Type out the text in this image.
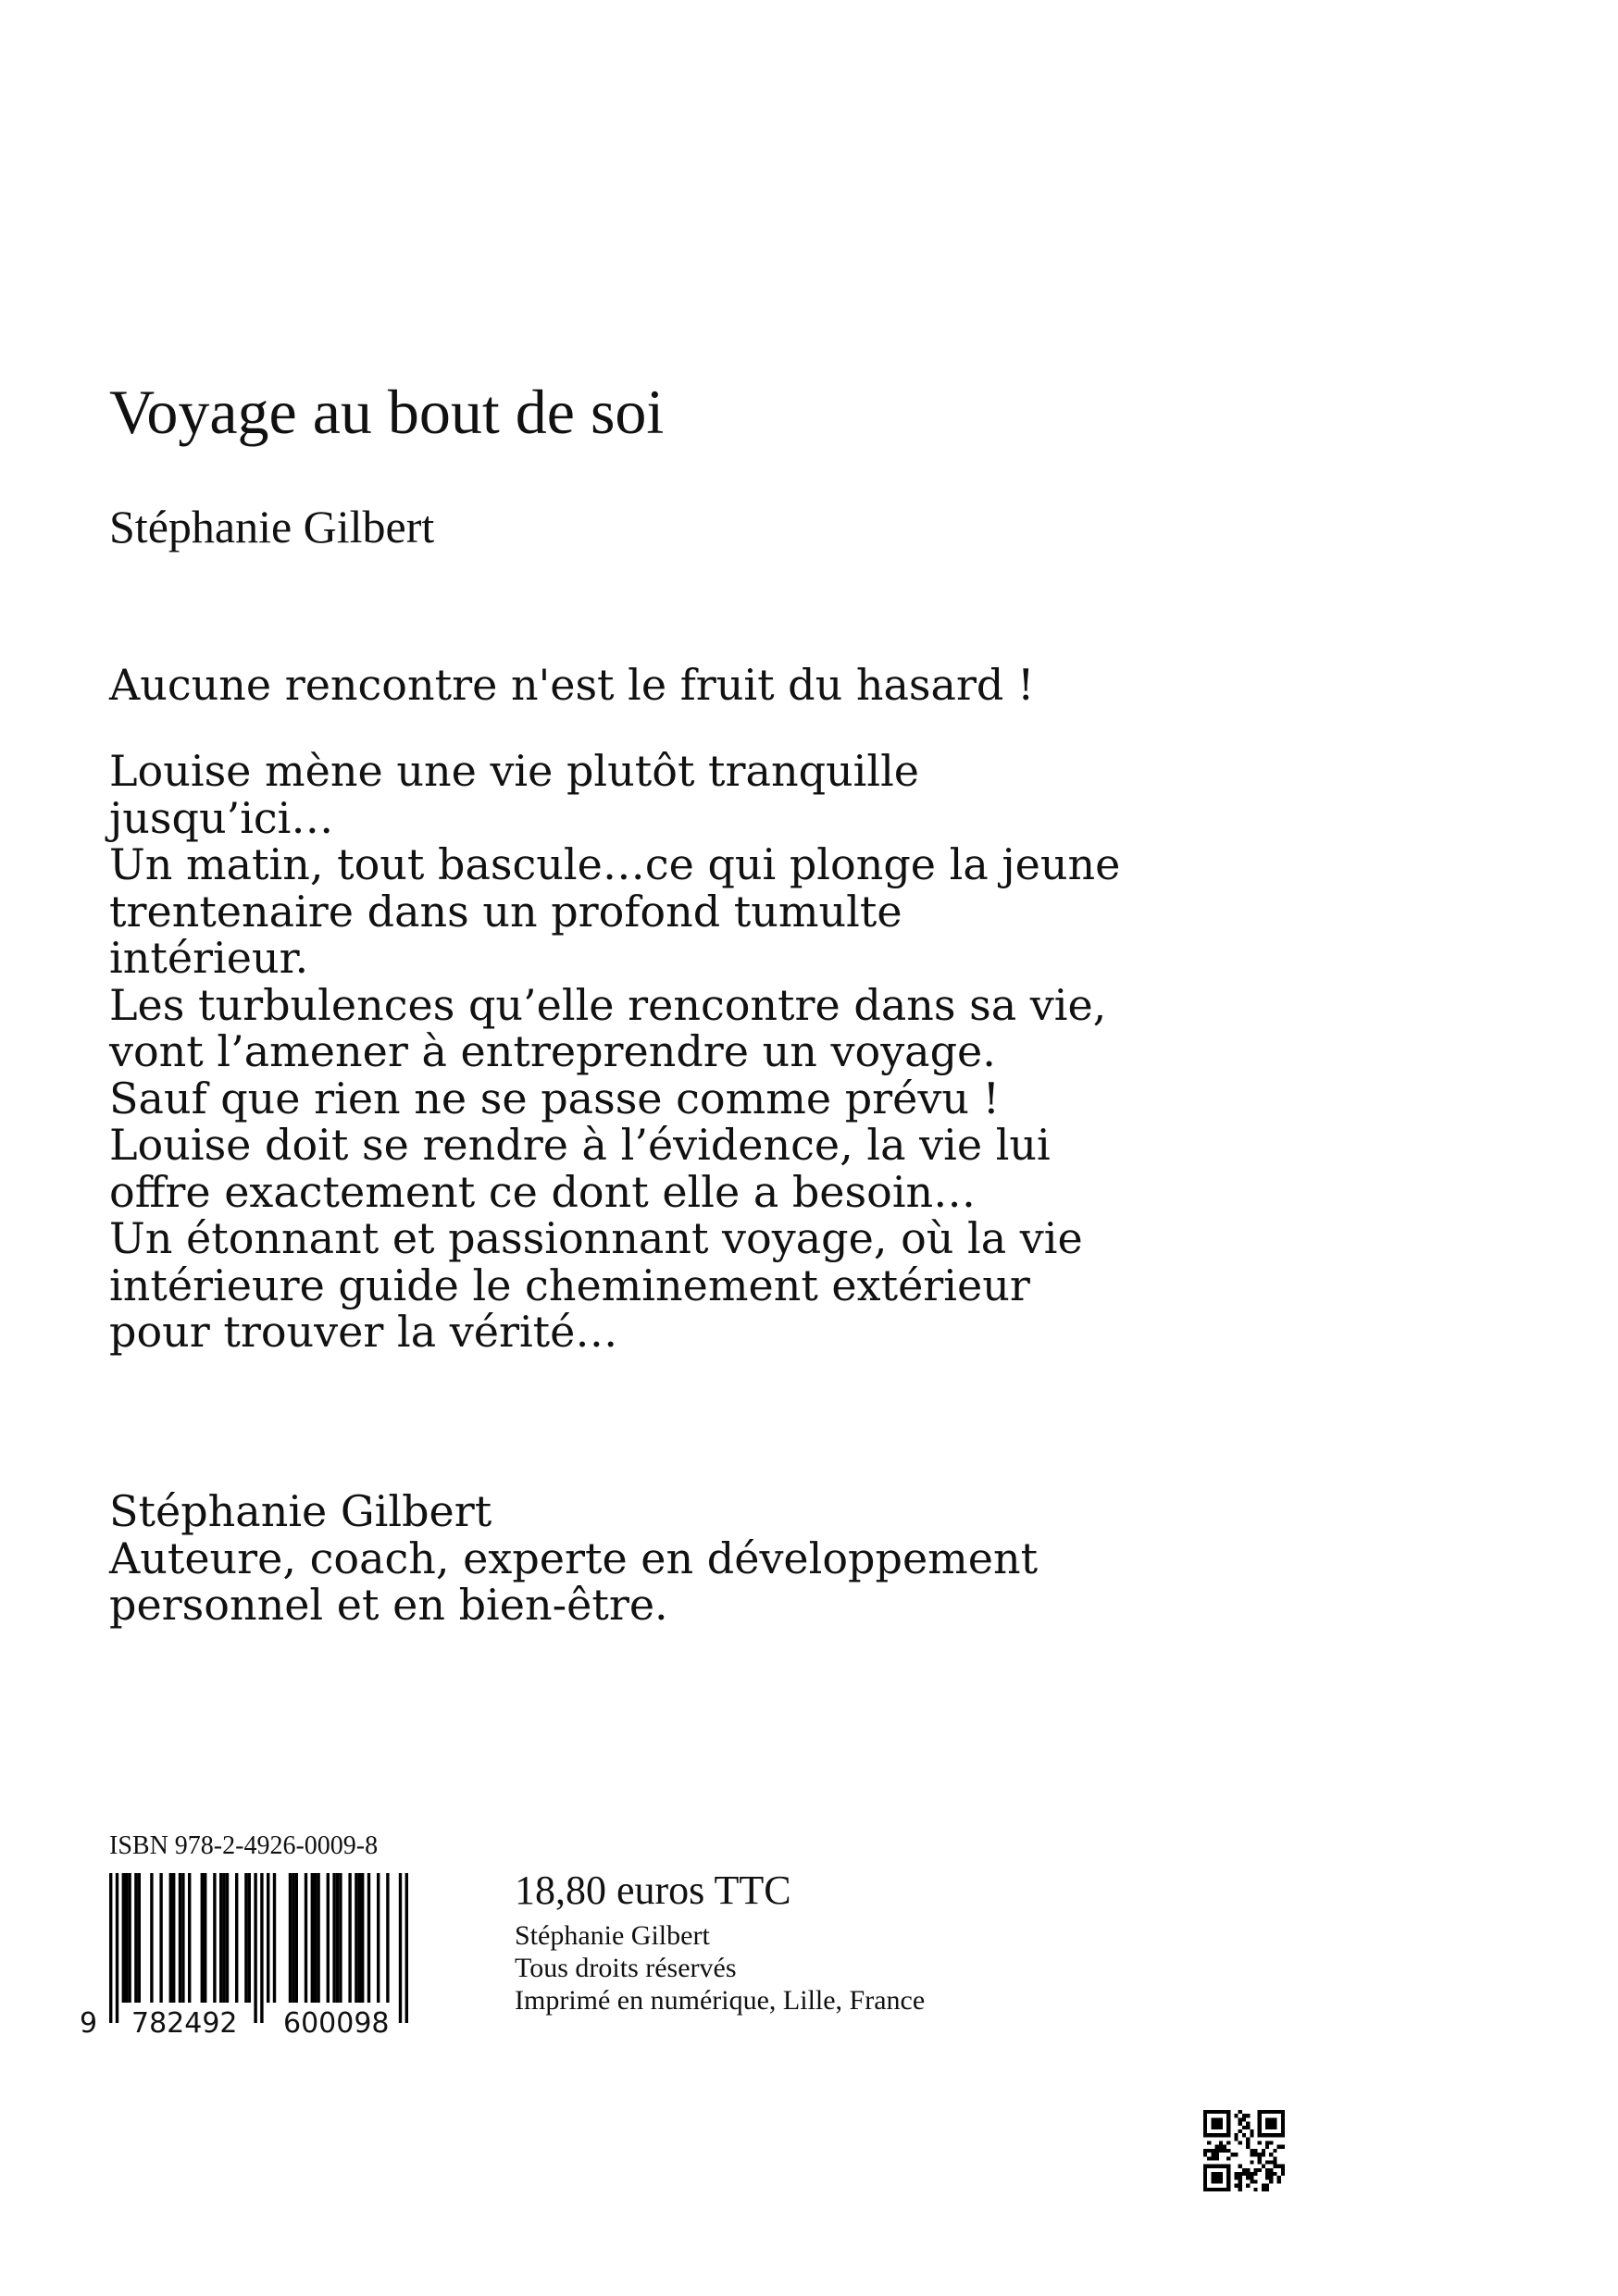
Voyage au bout de soi
Stéphanie Gilbert
Aucune rencontre n'est le fruit du hasard !
Louise mène une vie plutôt tranquille
jusqu’ici…
Un matin, tout bascule…ce qui plonge la jeune
trentenaire dans un profond tumulte
intérieur.
Les turbulences qu’elle rencontre dans sa vie,
vont l’amener à entreprendre un voyage.
Sauf que rien ne se passe comme prévu !
Louise doit se rendre à l’évidence, la vie lui
offre exactement ce dont elle a besoin…
Un étonnant et passionnant voyage, où la vie
intérieure guide le cheminement extérieur
pour trouver la vérité…
Stéphanie Gilbert
Auteure, coach, experte en développement
personnel et en bien-être.
ISBN 978-2-4926-0009-8
9 782492 600098
18,80 euros TTC
Stéphanie Gilbert
Tous droits réservés
Imprimé en numérique, Lille, France
